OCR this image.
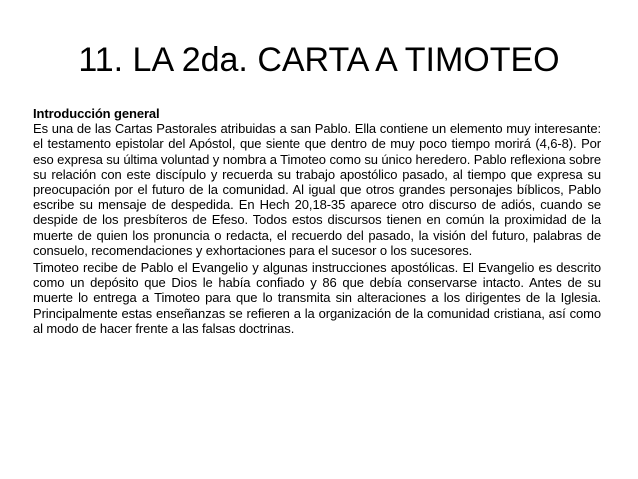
11. LA 2da. CARTA A TIMOTEO
Introducción general

Es una de las Cartas Pastorales atribuidas a san Pablo. Ella contiene un elemento muy interesante: el testamento epistolar del Apóstol, que siente que dentro de muy poco tiempo morirá (4,6-8). Por eso expresa su última voluntad y nombra a Timoteo como su único heredero. Pablo reflexiona sobre su relación con este discípulo y recuerda su trabajo apostólico pasado, al tiempo que expresa su preocupación por el futuro de la comunidad. Al igual que otros grandes personajes bíblicos, Pablo escribe su mensaje de despedida. En Hech 20,18-35 aparece otro discurso de adiós, cuando se despide de los presbíteros de Efeso. Todos estos discursos tienen en común la proximidad de la muerte de quien los pronuncia o redacta, el recuerdo del pasado, la visión del futuro, palabras de consuelo, recomendaciones y exhortaciones para el sucesor o los sucesores.

Timoteo recibe de Pablo el Evangelio y algunas instrucciones apostólicas. El Evangelio es descrito como un depósito que Dios le había confiado y 86 que debía conservarse intacto. Antes de su muerte lo entrega a Timoteo para que lo transmita sin alteraciones a los dirigentes de la Iglesia. Principalmente estas enseñanzas se refieren a la organización de la comunidad cristiana, así como al modo de hacer frente a las falsas doctrinas.
